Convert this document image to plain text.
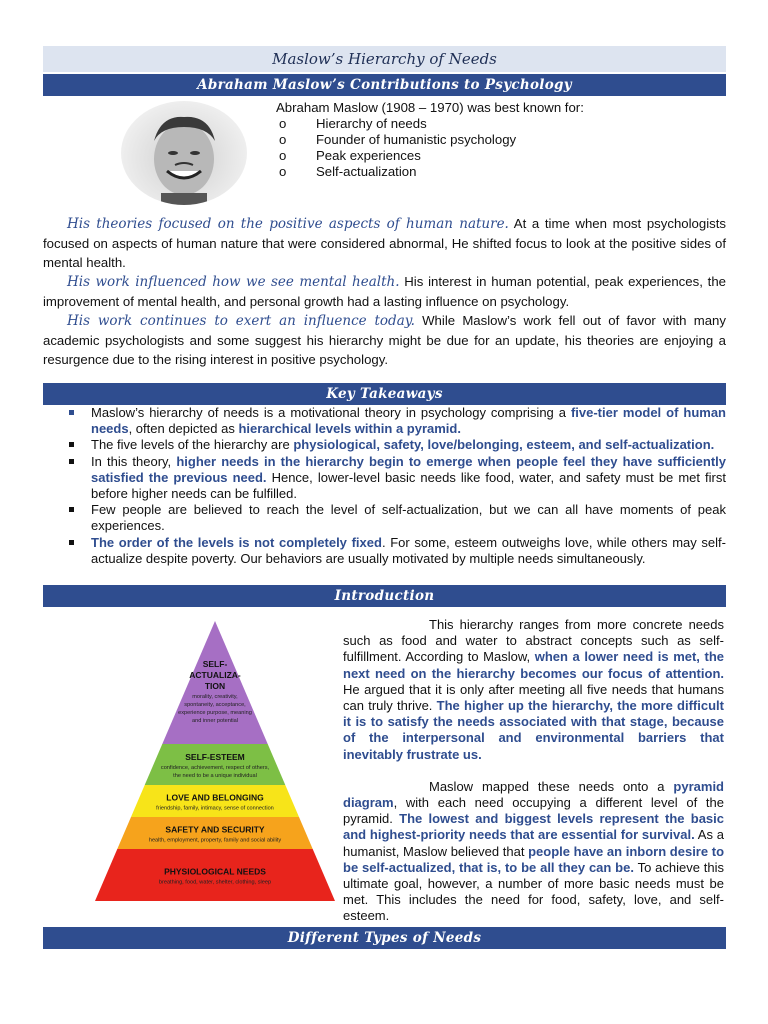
Maslow’s Hierarchy of Needs
Abraham Maslow’s Contributions to Psychology
Abraham Maslow (1908 – 1970) was best known for:
o Hierarchy of needs
o Founder of humanistic psychology
o Peak experiences
o Self-actualization

His theories focused on the positive aspects of human nature. At a time when most psychologists focused on aspects of human nature that were considered abnormal, He shifted focus to look at the positive sides of mental health.

His work influenced how we see mental health. His interest in human potential, peak experiences, the improvement of mental health, and personal growth had a lasting influence on psychology.

His work continues to exert an influence today. While Maslow’s work fell out of favor with many academic psychologists and some suggest his hierarchy might be due for an update, his theories are enjoying a resurgence due to the rising interest in positive psychology.

Key Takeaways
Maslow’s hierarchy of needs is a motivational theory in psychology comprising a five-tier model of human needs, often depicted as hierarchical levels within a pyramid.
The five levels of the hierarchy are physiological, safety, love/belonging, esteem, and self-actualization.
In this theory, higher needs in the hierarchy begin to emerge when people feel they have sufficiently satisfied the previous need. Hence, lower-level basic needs like food, water, and safety must be met first before higher needs can be fulfilled.
Few people are believed to reach the level of self-actualization, but we can all have moments of peak experiences.
The order of the levels is not completely fixed. For some, esteem outweighs love, while others may self-actualize despite poverty. Our behaviors are usually motivated by multiple needs simultaneously.
Introduction
SELF-
ACTUALIZA-
TION
morality, creativity,
spontaneity, acceptance,
experience purpose, meaning
and inner potential
SELF-ESTEEM
confidence, achievement, respect of others,
the need to be a unique individual
LOVE AND BELONGING
friendship, family, intimacy, sense of connection
SAFETY AND SECURITY
health, employment, property, family and social ability
PHYSIOLOGICAL NEEDS
breathing, food, water, shelter, clothing, sleep

This hierarchy ranges from more concrete needs such as food and water to abstract concepts such as self-fulfillment. According to Maslow, when a lower need is met, the next need on the hierarchy becomes our focus of attention. He argued that it is only after meeting all five needs that humans can truly thrive. The higher up the hierarchy, the more difficult it is to satisfy the needs associated with that stage, because of the interpersonal and environmental barriers that inevitably frustrate us.

Maslow mapped these needs onto a pyramid diagram, with each need occupying a different level of the pyramid. The lowest and biggest levels represent the basic and highest-priority needs that are essential for survival. As a humanist, Maslow believed that people have an inborn desire to be self-actualized, that is, to be all they can be. To achieve this ultimate goal, however, a number of more basic needs must be met. This includes the need for food, safety, love, and self-esteem.

Different Types of Needs
